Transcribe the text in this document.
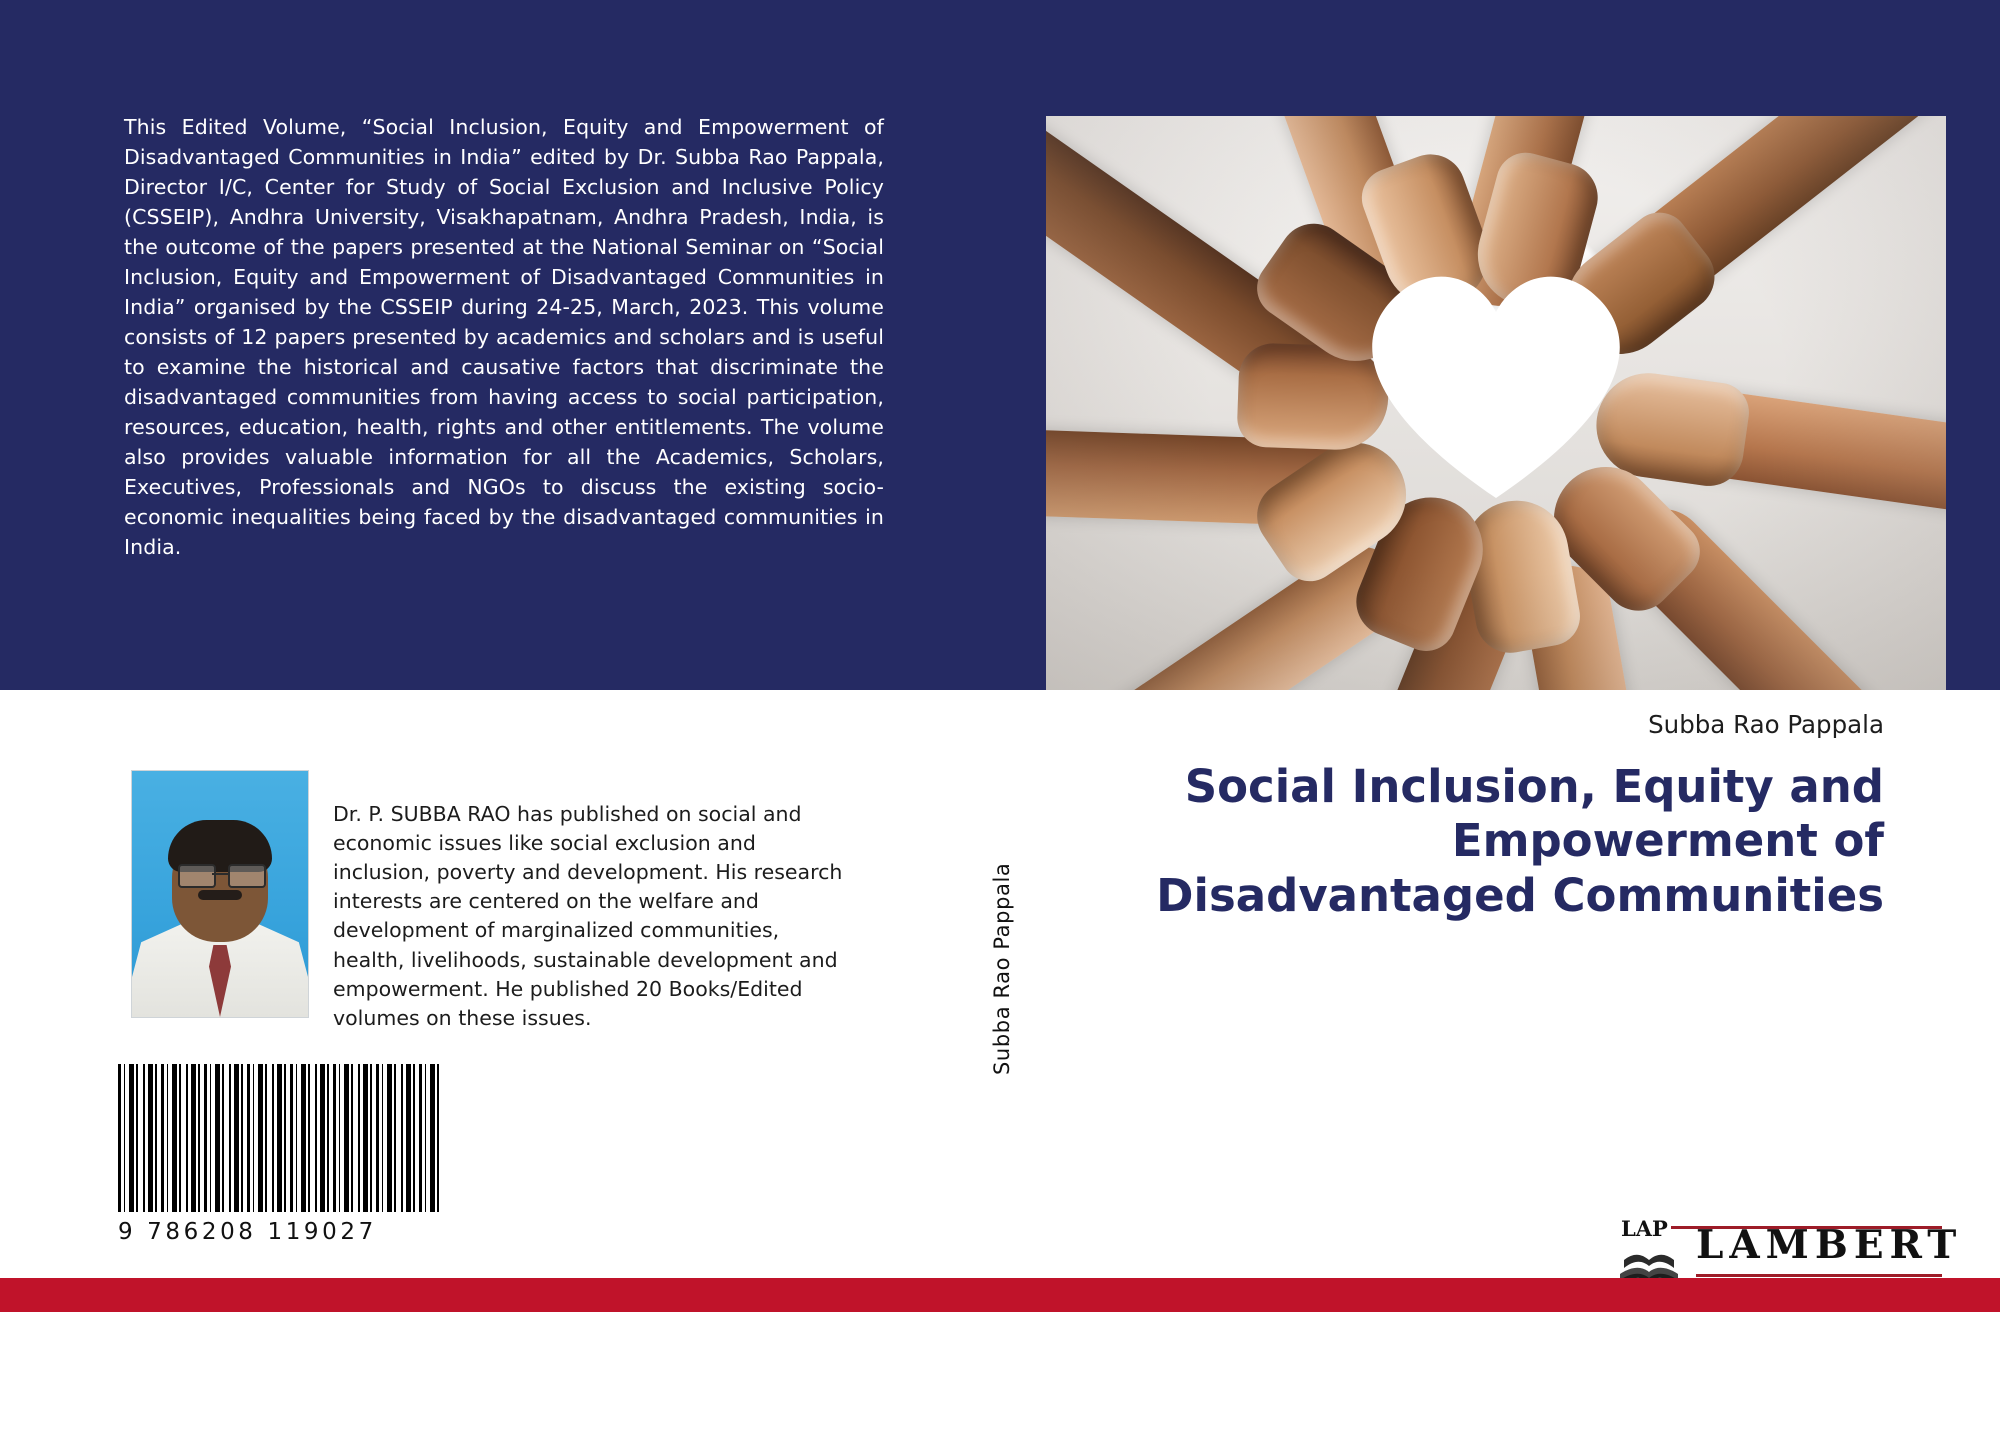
This Edited Volume, “Social Inclusion, Equity and Empowerment of Disadvantaged Communities in India” edited by Dr. Subba Rao Pappala, Director I/C, Center for Study of Social Exclusion and Inclusive Policy (CSSEIP), Andhra University, Visakhapatnam, Andhra Pradesh, India, is the outcome of the papers presented at the National Seminar on “Social Inclusion, Equity and Empowerment of Disadvantaged Communities in India” organised by the CSSEIP during 24-25, March, 2023. This volume consists of 12 papers presented by academics and scholars and is useful to examine the historical and causative factors that discriminate the disadvantaged communities from having access to social participation, resources, education, health, rights and other entitlements. The volume also provides valuable information for all the Academics, Scholars, Executives, Professionals and NGOs to discuss the existing socio-economic inequalities being faced by the disadvantaged communities in India.
Dr. P. SUBBA RAO has published on social and economic issues like social exclusion and inclusion, poverty and development. His research interests are centered on the welfare and development of marginalized communities, health, livelihoods, sustainable development and empowerment. He published 20 Books/Edited volumes on these issues.
9 786208 119027
Subba Rao Pappala
Subba Rao Pappala
Social Inclusion, Equity and Empowerment of Disadvantaged Communities
LAP LAMBERT
